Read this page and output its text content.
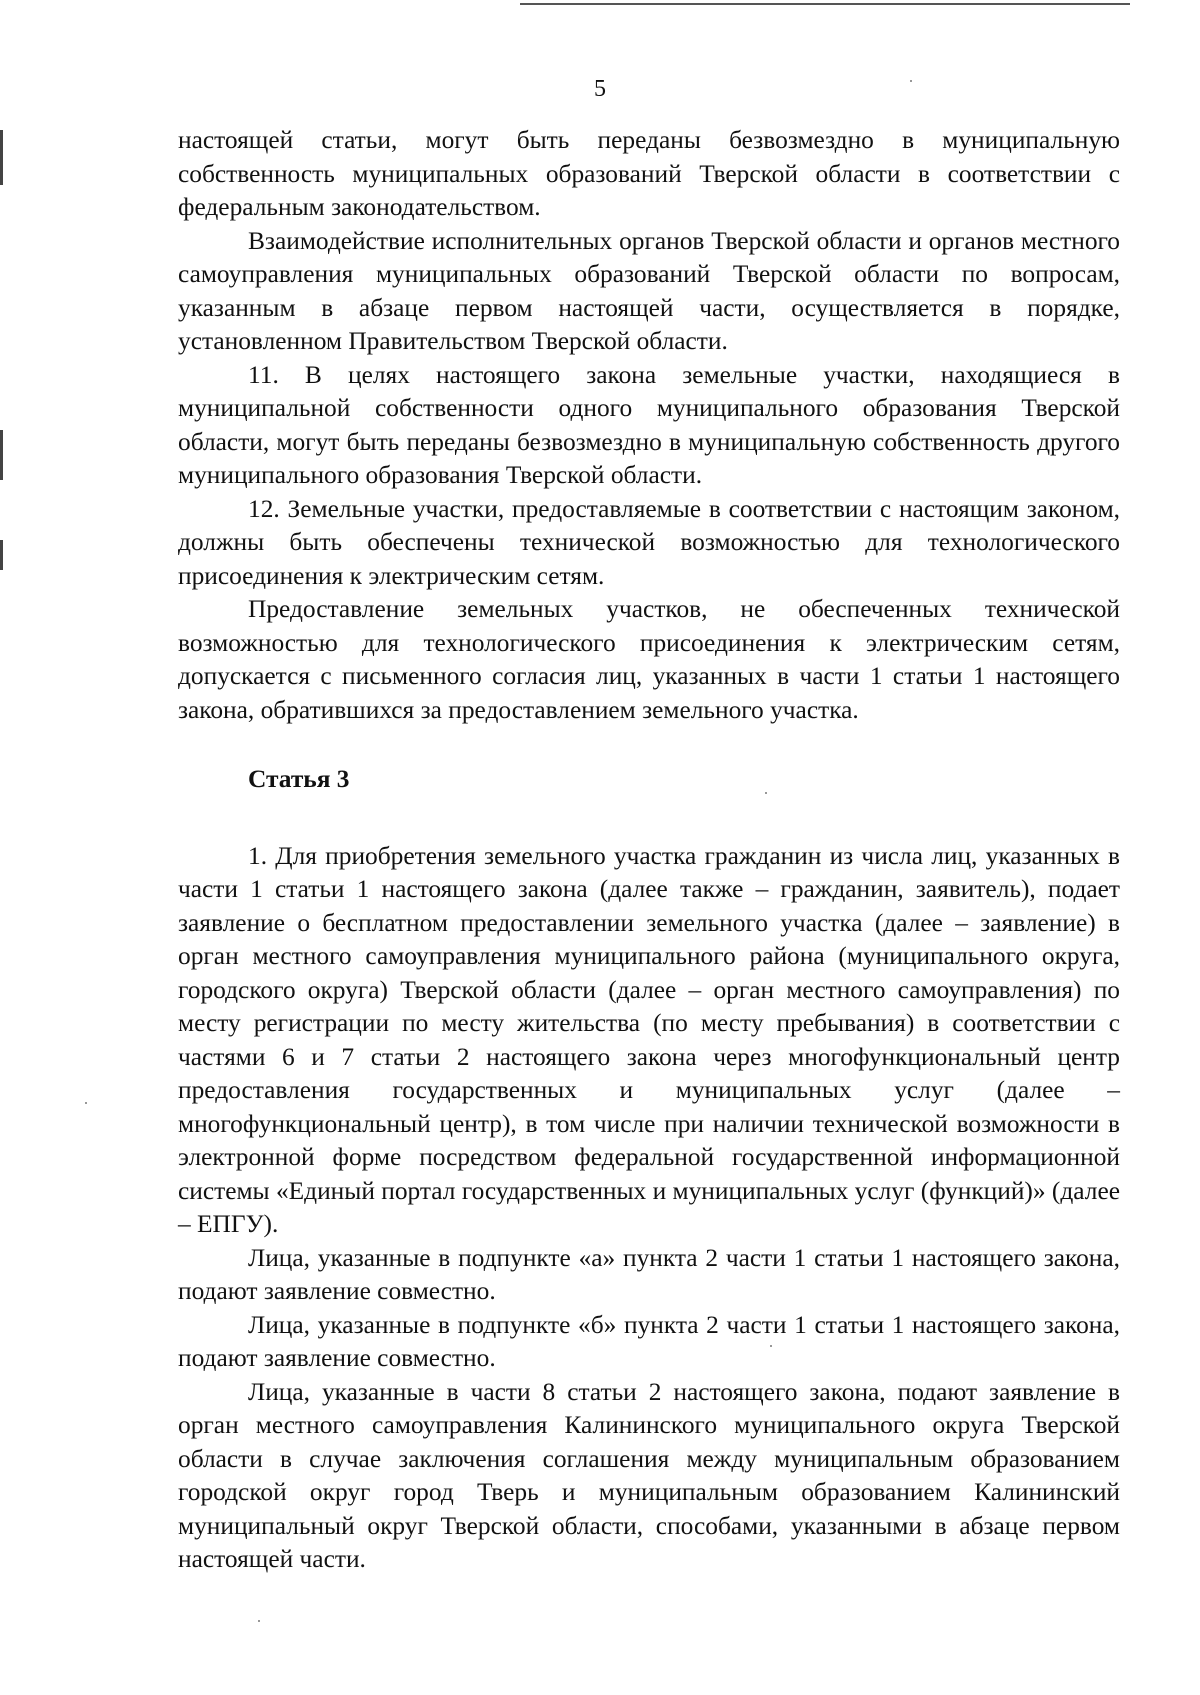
5

настоящей статьи, могут быть переданы безвозмездно в муниципальную собственность муниципальных образований Тверской области в соответствии с федеральным законодательством.

Взаимодействие исполнительных органов Тверской области и органов местного самоуправления муниципальных образований Тверской области по вопросам, указанным в абзаце первом настоящей части, осуществляется в порядке, установленном Правительством Тверской области.

11. В целях настоящего закона земельные участки, находящиеся в муниципальной собственности одного муниципального образования Тверской области, могут быть переданы безвозмездно в муниципальную собственность другого муниципального образования Тверской области.

12. Земельные участки, предоставляемые в соответствии с настоящим законом, должны быть обеспечены технической возможностью для технологического присоединения к электрическим сетям.

Предоставление земельных участков, не обеспеченных технической возможностью для технологического присоединения к электрическим сетям, допускается с письменного согласия лиц, указанных в части 1 статьи 1 настоящего закона, обратившихся за предоставлением земельного участка.

Статья 3

1. Для приобретения земельного участка гражданин из числа лиц, указанных в части 1 статьи 1 настоящего закона (далее также – гражданин, заявитель), подает заявление о бесплатном предоставлении земельного участка (далее – заявление) в орган местного самоуправления муниципального района (муниципального округа, городского округа) Тверской области (далее – орган местного самоуправления) по месту регистрации по месту жительства (по месту пребывания) в соответствии с частями 6 и 7 статьи 2 настоящего закона через многофункциональный центр предоставления государственных и муниципальных услуг (далее – многофункциональный центр), в том числе при наличии технической возможности в электронной форме посредством федеральной государственной информационной системы «Единый портал государственных и муниципальных услуг (функций)» (далее – ЕПГУ).

Лица, указанные в подпункте «а» пункта 2 части 1 статьи 1 настоящего закона, подают заявление совместно.

Лица, указанные в подпункте «б» пункта 2 части 1 статьи 1 настоящего закона, подают заявление совместно.

Лица, указанные в части 8 статьи 2 настоящего закона, подают заявление в орган местного самоуправления Калининского муниципального округа Тверской области в случае заключения соглашения между муниципальным образованием городской округ город Тверь и муниципальным образованием Калининский муниципальный округ Тверской области, способами, указанными в абзаце первом настоящей части.
